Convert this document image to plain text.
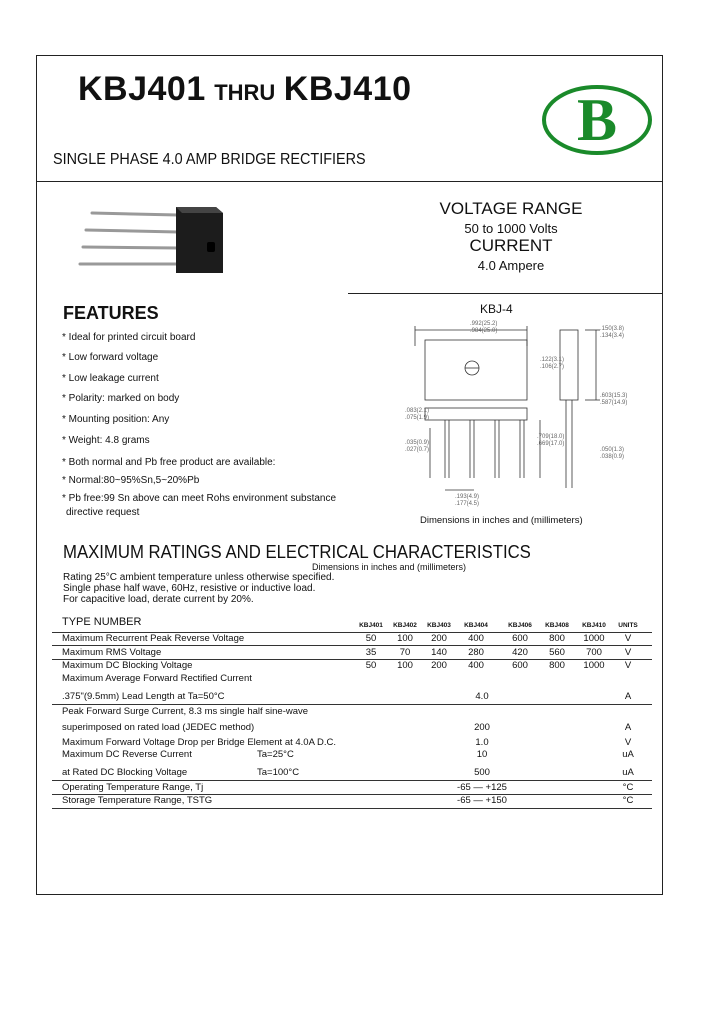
KBJ401 THRU KBJ410
SINGLE PHASE 4.0 AMP BRIDGE RECTIFIERS
B
VOLTAGE RANGE
50 to 1000 Volts
CURRENT
4.0 Ampere
KBJ-4
.992(25.2)
.984(25.0)	.150(3.8)
.134(3.4)
.122(3.1)
.106(2.7)
.603(15.3)
.587(14.9)
.709(18.0)
.669(17.0)
.083(2.1)
.075(1.9)
.050(1.3)
.038(0.9)
.035(0.9)
.027(0.7)
.193(4.9)
.177(4.5)
Dimensions in inches and (millimeters)
Dimensions in inches and (millimeters)
FEATURES
* Ideal for printed circuit board
* Low forward voltage
* Low leakage current
* Polarity: marked on body
* Mounting position: Any
* Weight: 4.8 grams
* Both normal and Pb free product are available:
* Normal:80~95%Sn,5~20%Pb
* Pb free:99 Sn above can meet Rohs environment substance
directive request
MAXIMUM RATINGS AND ELECTRICAL CHARACTERISTICS
Rating 25°C ambient temperature unless otherwise specified.
Single phase half wave, 60Hz, resistive or inductive load.
For capacitive load, derate current by 20%.
TYPE NUMBER	KBJ401	KBJ402	KBJ403	KBJ404	KBJ406	KBJ408	KBJ410	UNITS
Maximum Recurrent Peak Reverse Voltage	50	100	200	400	600	800	1000	V
Maximum RMS Voltage	35	70	140	280	420	560	700	V
Maximum DC Blocking Voltage	50	100	200	400	600	800	1000	V
Maximum Average Forward Rectified Current
.375"(9.5mm) Lead Length at Ta=50°C	4.0	A
Peak Forward Surge Current, 8.3 ms single half sine-wave
superimposed on rated load (JEDEC method)	200	A
Maximum Forward Voltage Drop per Bridge Element at 4.0A D.C.	1.0	V
Maximum DC Reverse Current	Ta=25°C	10	uA
at Rated DC Blocking Voltage	Ta=100°C	500	uA
Operating Temperature Range, Tj	-65 — +125	°C
Storage Temperature Range, TSTG	-65 — +150	°C
